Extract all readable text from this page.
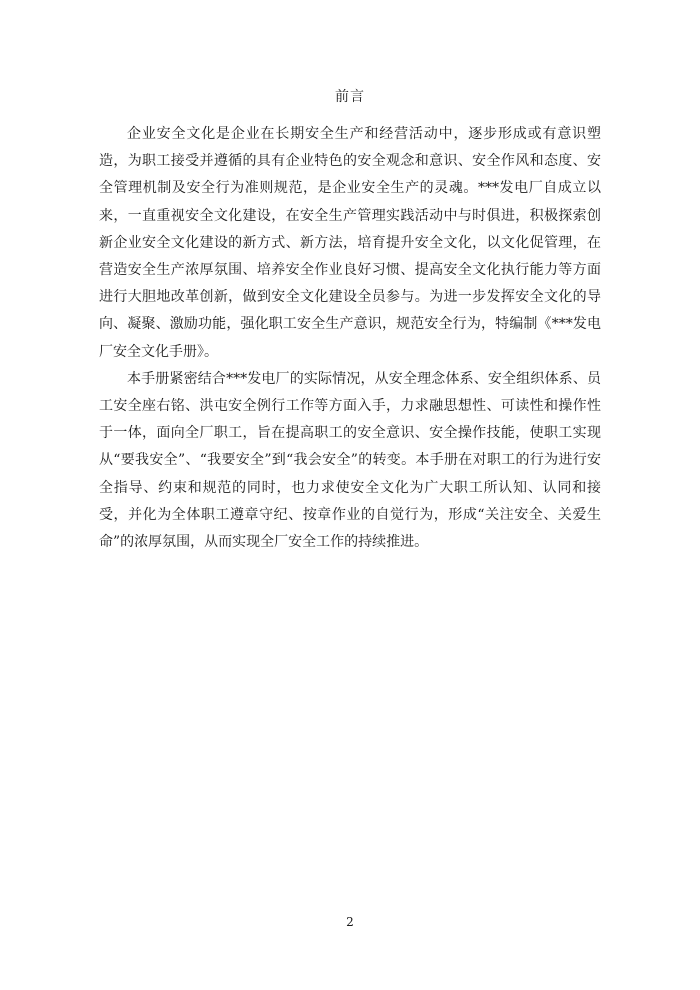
前言

企业安全文化是企业在长期安全生产和经营活动中，逐步形成或有意识塑造，为职工接受并遵循的具有企业特色的安全观念和意识、安全作风和态度、安全管理机制及安全行为准则规范，是企业安全生产的灵魂。***发电厂自成立以来，一直重视安全文化建设，在安全生产管理实践活动中与时俱进，积极探索创新企业安全文化建设的新方式、新方法，培育提升安全文化，以文化促管理，在营造安全生产浓厚氛围、培养安全作业良好习惯、提高安全文化执行能力等方面进行大胆地改革创新，做到安全文化建设全员参与。为进一步发挥安全文化的导向、凝聚、激励功能，强化职工安全生产意识，规范安全行为，特编制《***发电厂安全文化手册》。

本手册紧密结合***发电厂的实际情况，从安全理念体系、安全组织体系、员工安全座右铭、洪屯安全例行工作等方面入手，力求融思想性、可读性和操作性于一体，面向全厂职工，旨在提高职工的安全意识、安全操作技能，使职工实现从“要我安全”、“我要安全”到“我会安全”的转变。本手册在对职工的行为进行安全指导、约束和规范的同时，也力求使安全文化为广大职工所认知、认同和接受，并化为全体职工遵章守纪、按章作业的自觉行为，形成“关注安全、关爱生命”的浓厚氛围，从而实现全厂安全工作的持续推进。

2
